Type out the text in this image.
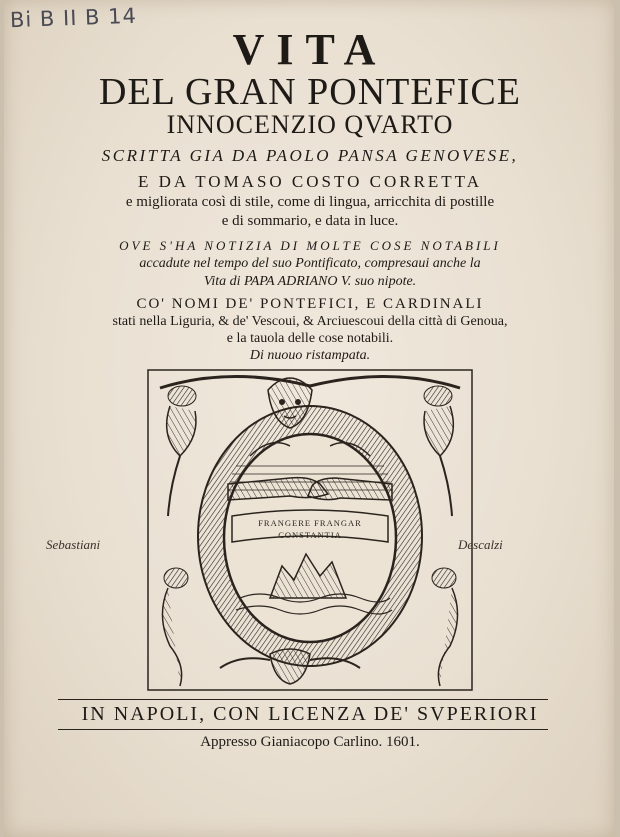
Bi B II B 14
VITA
DEL GRAN PONTEFICE
INNOCENZIO QVARTO
SCRITTA GIA DA PAOLO PANSA GENOVESE,
E DA TOMASO COSTO CORRETTA
e migliorata così di stile, come di lingua, arricchita di postille
e di sommario, e data in luce.
OVE S'HA NOTIZIA DI MOLTE COSE NOTABILI
accadute nel tempo del suo Pontificato, compresaui anche la
Vita di PAPA ADRIANO V. suo nipote.
CO' NOMI DE' PONTEFICI, E CARDINALI
stati nella Liguria, & de' Vescoui, & Arciuescoui della città di Genoua,
e la tauola delle cose notabili.
Di nuouo ristampata.
FRANGERE FRANGAR
CONSTANTIA
Sebastiani	Descalzi
IN NAPOLI, CON LICENZA DE' SVPERIORI
Appresso Gianiacopo Carlino. 1601.
